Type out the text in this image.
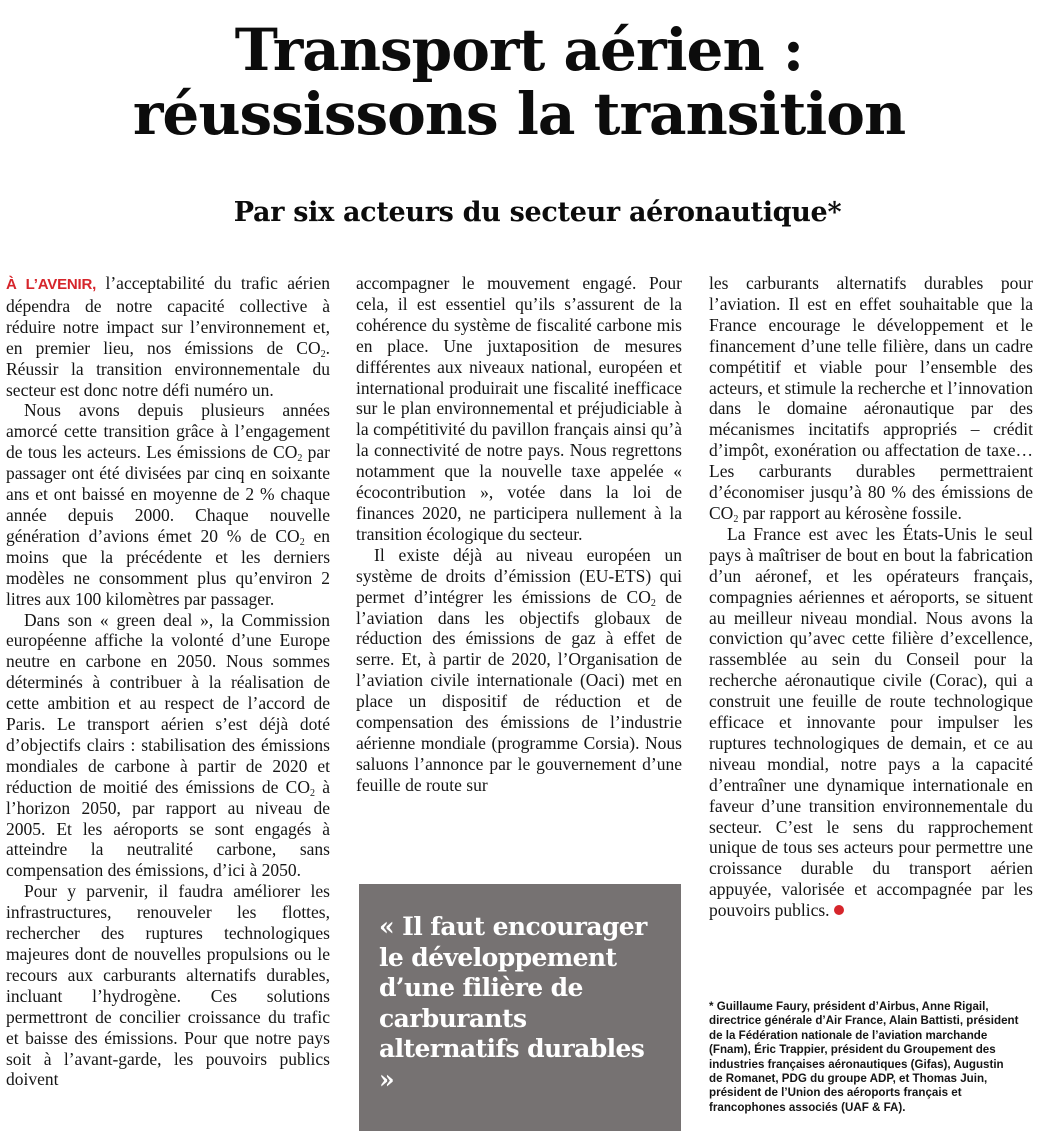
Transport aérien :
réussissons la transition
Par six acteurs du secteur aéronautique*

À L’AVENIR, l’acceptabilité du trafic aérien dépendra de notre capacité collective à réduire notre impact sur l’environnement et, en premier lieu, nos émissions de $CO_2$. Réussir la transition environnementale du secteur est donc notre défi numéro un.

Nous avons depuis plusieurs années amorcé cette transition grâce à l’engagement de tous les acteurs. Les émissions de $CO_2$ par passager ont été divisées par cinq en soixante ans et ont baissé en moyenne de 2 % chaque année depuis 2000. Chaque nouvelle génération d’avions émet 20 % de $CO_2$ en moins que la précédente et les derniers modèles ne consomment plus qu’environ 2 litres aux 100 kilomètres par passager.

Dans son « green deal », la Commission européenne affiche la volonté d’une Europe neutre en carbone en 2050. Nous sommes déterminés à contribuer à la réalisation de cette ambition et au respect de l’accord de Paris. Le transport aérien s’est déjà doté d’objectifs clairs : stabilisation des émissions mondiales de carbone à partir de 2020 et réduction de moitié des émissions de $CO_2$ à l’horizon 2050, par rapport au niveau de 2005. Et les aéroports se sont engagés à atteindre la neutralité carbone, sans compensation des émissions, d’ici à 2050.

Pour y parvenir, il faudra améliorer les infrastructures, renouveler les flottes, rechercher des ruptures technologiques majeures dont de nouvelles propulsions ou le recours aux carburants alternatifs durables, incluant l’hydrogène. Ces solutions permettront de concilier croissance du trafic et baisse des émissions. Pour que notre pays soit à l’avant-garde, les pouvoirs publics doivent

accompagner le mouvement engagé. Pour cela, il est essentiel qu’ils s’assurent de la cohérence du système de fiscalité carbone mis en place. Une juxtaposition de mesures différentes aux niveaux national, européen et international produirait une fiscalité inefficace sur le plan environnemental et préjudiciable à la compétitivité du pavillon français ainsi qu’à la connectivité de notre pays. Nous regrettons notamment que la nouvelle taxe appelée « écocontribution », votée dans la loi de finances 2020, ne participera nullement à la transition écologique du secteur.

Il existe déjà au niveau européen un système de droits d’émission (EU-ETS) qui permet d’intégrer les émissions de $CO_2$ de l’aviation dans les objectifs globaux de réduction des émissions de gaz à effet de serre. Et, à partir de 2020, l’Organisation de l’aviation civile internationale (Oaci) met en place un dispositif de réduction et de compensation des émissions de l’industrie aérienne mondiale (programme Corsia). Nous saluons l’annonce par le gouvernement d’une feuille de route sur

« Il faut encourager le développement d’une filière de carburants alternatifs durables »

les carburants alternatifs durables pour l’aviation. Il est en effet souhaitable que la France encourage le développement et le financement d’une telle filière, dans un cadre compétitif et viable pour l’ensemble des acteurs, et stimule la recherche et l’innovation dans le domaine aéronautique par des mécanismes incitatifs appropriés – crédit d’impôt, exonération ou affectation de taxe… Les carburants durables permettraient d’économiser jusqu’à 80 % des émissions de $CO_2$ par rapport au kérosène fossile.

La France est avec les États-Unis le seul pays à maîtriser de bout en bout la fabrication d’un aéronef, et les opérateurs français, compagnies aériennes et aéroports, se situent au meilleur niveau mondial. Nous avons la conviction qu’avec cette filière d’excellence, rassemblée au sein du Conseil pour la recherche aéronautique civile (Corac), qui a construit une feuille de route technologique efficace et innovante pour impulser les ruptures technologiques de demain, et ce au niveau mondial, notre pays a la capacité d’entraîner une dynamique internationale en faveur d’une transition environnementale du secteur. C’est le sens du rapprochement unique de tous ses acteurs pour permettre une croissance durable du transport aérien appuyée, valorisée et accompagnée par les pouvoirs publics.

* Guillaume Faury, président d’Airbus, Anne Rigail, directrice générale d’Air France, Alain Battisti, président de la Fédération nationale de l’aviation marchande (Fnam), Éric Trappier, président du Groupement des industries françaises aéronautiques (Gifas), Augustin de Romanet, PDG du groupe ADP, et Thomas Juin, président de l’Union des aéroports français et francophones associés (UAF & FA).
